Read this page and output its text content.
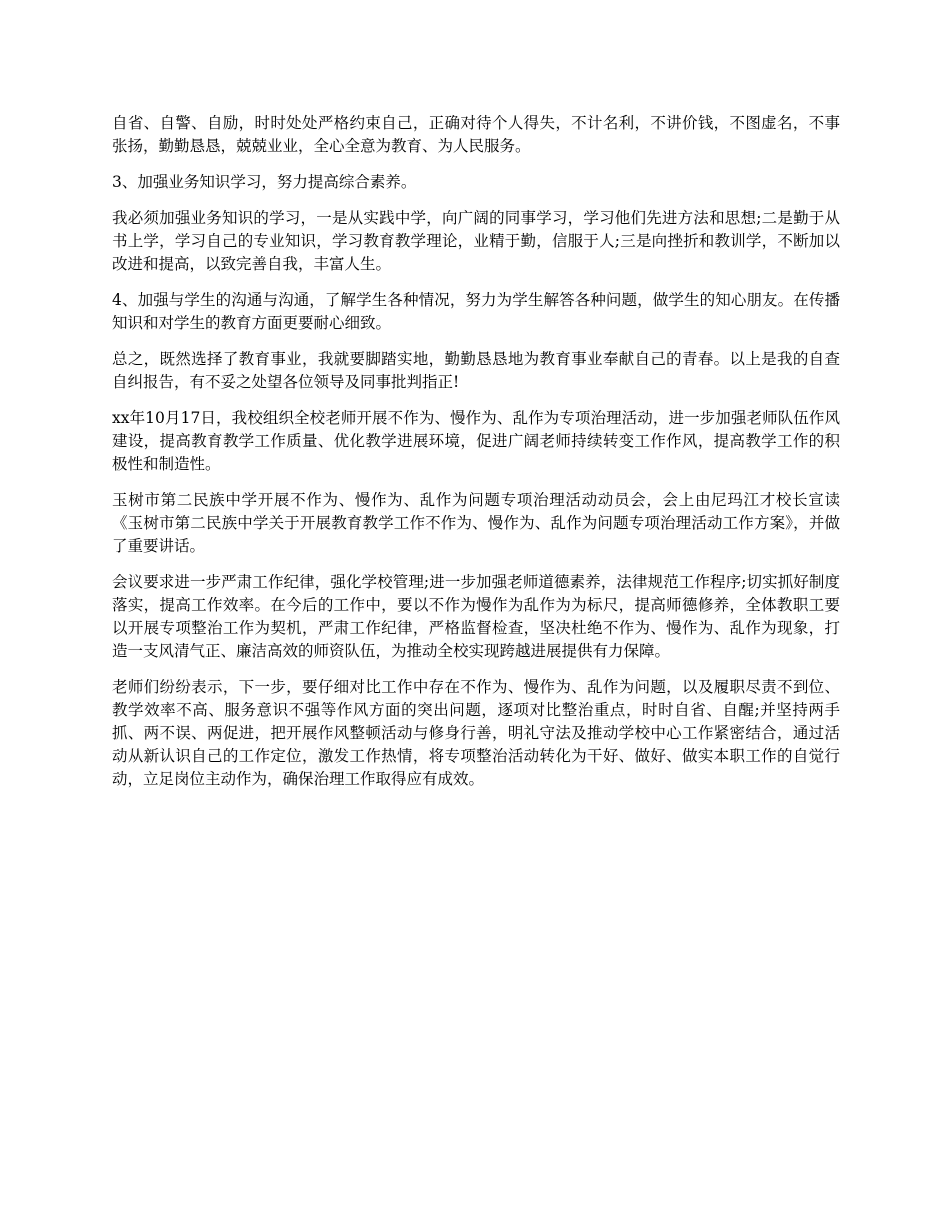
自省、自警、自励，时时处处严格约束自己，正确对待个人得失，不计名利，不讲价钱，不图虚名，不事张扬，勤勤恳恳，兢兢业业，全心全意为教育、为人民服务。

3、加强业务知识学习，努力提高综合素养。

我必须加强业务知识的学习，一是从实践中学，向广阔的同事学习，学习他们先进方法和思想;二是勤于从书上学，学习自己的专业知识，学习教育教学理论，业精于勤，信服于人;三是向挫折和教训学，不断加以改进和提高，以致完善自我，丰富人生。

4、加强与学生的沟通与沟通，了解学生各种情况，努力为学生解答各种问题，做学生的知心朋友。在传播知识和对学生的教育方面更要耐心细致。

总之，既然选择了教育事业，我就要脚踏实地，勤勤恳恳地为教育事业奉献自己的青春。以上是我的自查自纠报告，有不妥之处望各位领导及同事批判指正!

xx年10月17日，我校组织全校老师开展不作为、慢作为、乱作为专项治理活动，进一步加强老师队伍作风建设，提高教育教学工作质量、优化教学进展环境，促进广阔老师持续转变工作作风，提高教学工作的积极性和制造性。

玉树市第二民族中学开展不作为、慢作为、乱作为问题专项治理活动动员会，会上由尼玛江才校长宣读《玉树市第二民族中学关于开展教育教学工作不作为、慢作为、乱作为问题专项治理活动工作方案》，并做了重要讲话。

会议要求进一步严肃工作纪律，强化学校管理;进一步加强老师道德素养，法律规范工作程序;切实抓好制度落实，提高工作效率。在今后的工作中，要以不作为慢作为乱作为为标尺，提高师德修养，全体教职工要以开展专项整治工作为契机，严肃工作纪律，严格监督检查，坚决杜绝不作为、慢作为、乱作为现象，打造一支风清气正、廉洁高效的师资队伍，为推动全校实现跨越进展提供有力保障。

老师们纷纷表示，下一步，要仔细对比工作中存在不作为、慢作为、乱作为问题，以及履职尽责不到位、教学效率不高、服务意识不强等作风方面的突出问题，逐项对比整治重点，时时自省、自醒;并坚持两手抓、两不误、两促进，把开展作风整顿活动与修身行善，明礼守法及推动学校中心工作紧密结合，通过活动从新认识自己的工作定位，激发工作热情，将专项整治活动转化为干好、做好、做实本职工作的自觉行动，立足岗位主动作为，确保治理工作取得应有成效。
